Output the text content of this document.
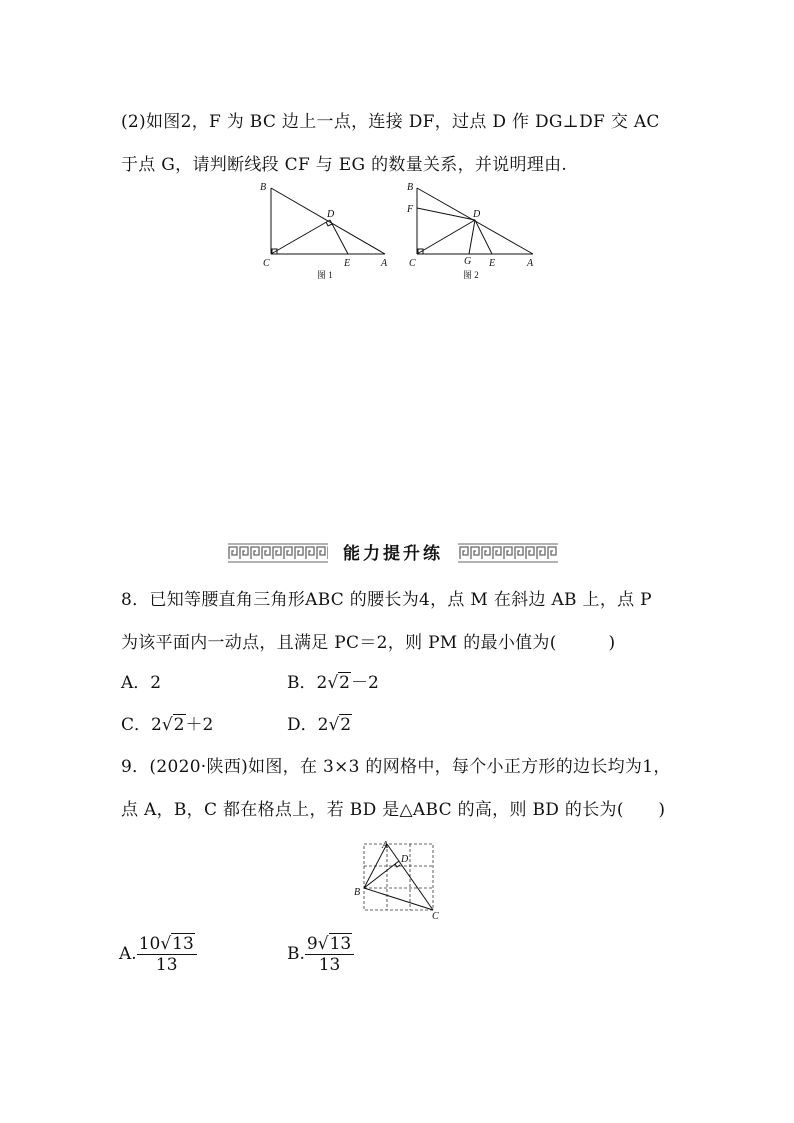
(2)如图2，F 为 BC 边上一点，连接 DF，过点 D 作 DG⊥DF 交 AC
于点 G，请判断线段 CF 与 EG 的数量关系，并说明理由.
B
C
D
E	A
图 1
B
F
C
D
G E	A
图 2
能力提升练
8．已知等腰直角三角形ABC 的腰长为4，点 M 在斜边 AB 上，点 P
为该平面内一动点，且满足 PC＝2，则 PM 的最小值为(　　　)
A．2	B．2√2－2
C．2√2＋2	D．2√2
9．(2020·陕西)如图，在 3×3 的网格中，每个小正方形的边长均为1，
点 A，B，C 都在格点上，若 BD 是△ABC 的高，则 BD 的长为(　　)
A
D
B
C
A. $\frac{10√13}{13}$	B. $\frac{9√13}{13}$
